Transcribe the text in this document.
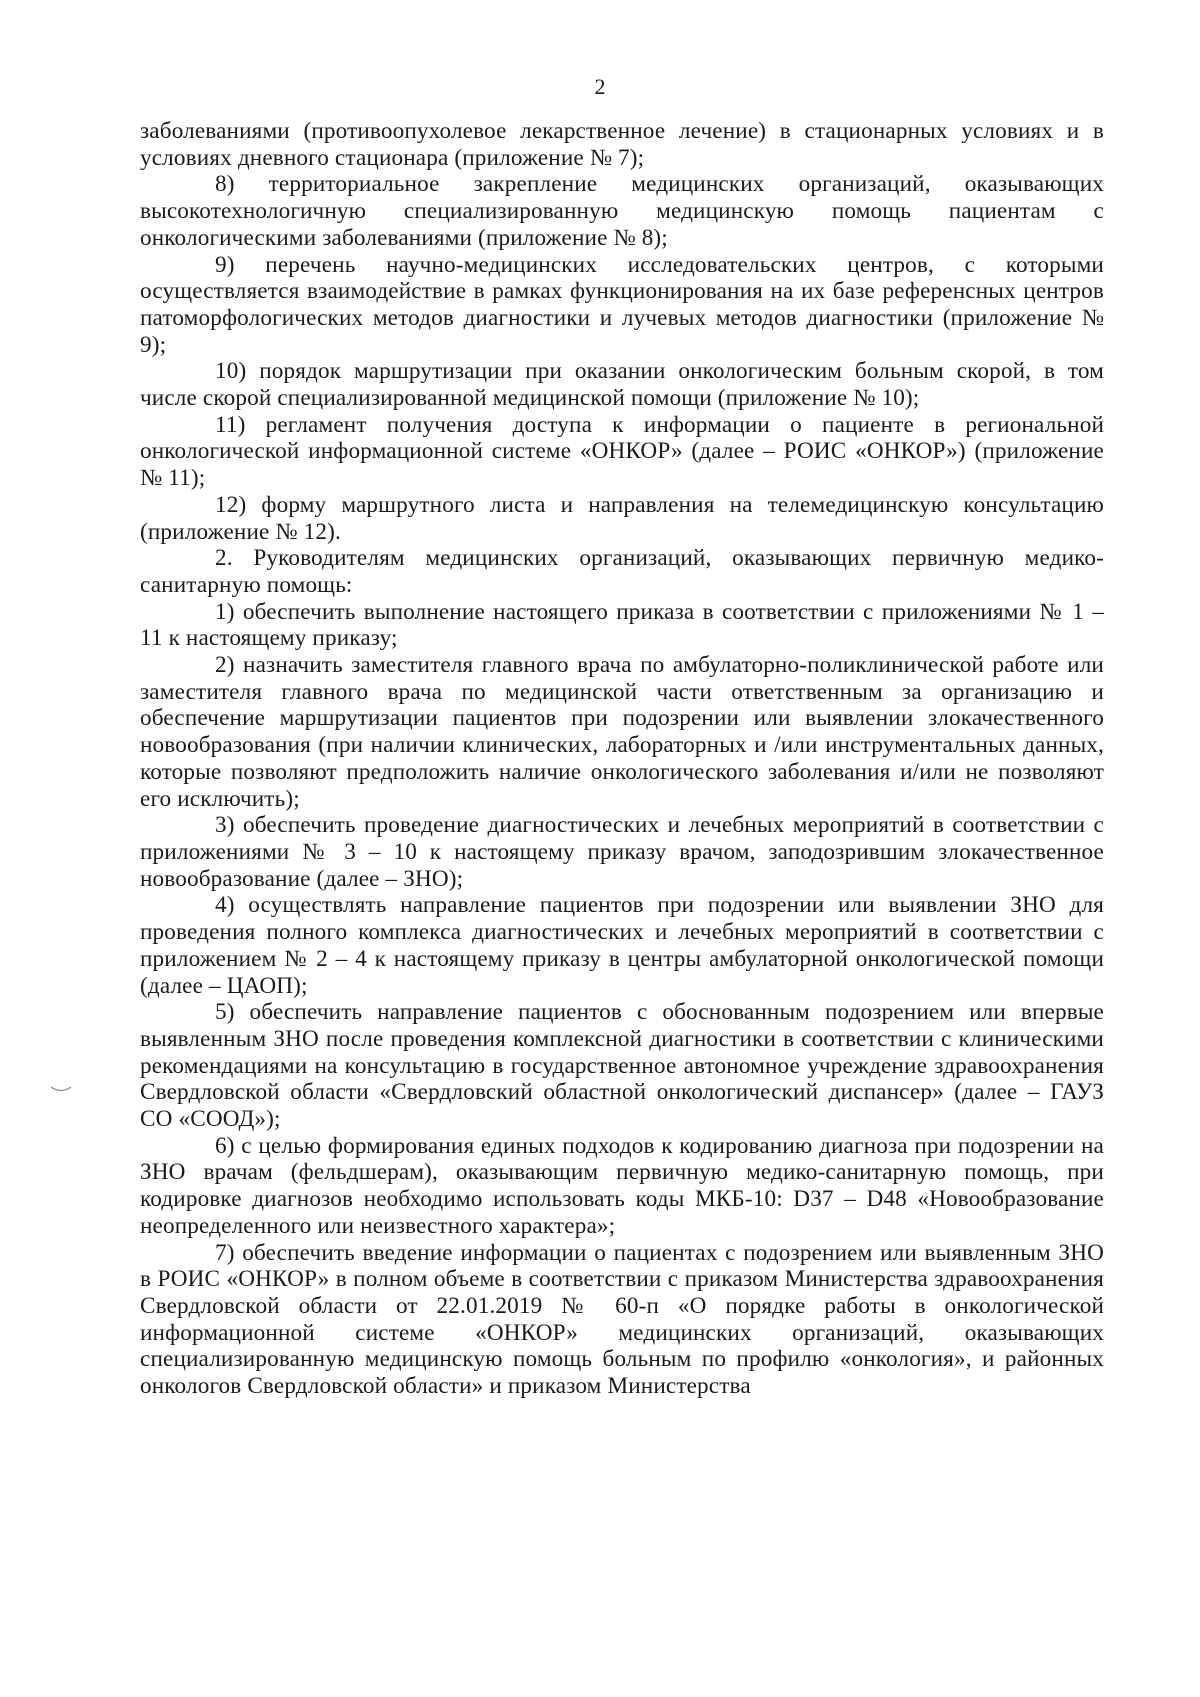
2

заболеваниями (противоопухолевое лекарственное лечение) в стационарных условиях и в условиях дневного стационара (приложение № 7);

8) территориальное закрепление медицинских организаций, оказывающих высокотехнологичную специализированную медицинскую помощь пациентам с онкологическими заболеваниями (приложение № 8);

9) перечень научно-медицинских исследовательских центров, с которыми осуществляется взаимодействие в рамках функционирования на их базе референсных центров патоморфологических методов диагностики и лучевых методов диагностики (приложение № 9);

10) порядок маршрутизации при оказании онкологическим больным скорой, в том числе скорой специализированной медицинской помощи (приложение № 10);

11) регламент получения доступа к информации о пациенте в региональной онкологической информационной системе «ОНКОР» (далее – РОИС «ОНКОР») (приложение № 11);

12) форму маршрутного листа и направления на телемедицинскую консультацию (приложение № 12).

2. Руководителям медицинских организаций, оказывающих первичную медико-санитарную помощь:

1) обеспечить выполнение настоящего приказа в соответствии с приложениями № 1 – 11 к настоящему приказу;

2) назначить заместителя главного врача по амбулаторно-поликлинической работе или заместителя главного врача по медицинской части ответственным за организацию и обеспечение маршрутизации пациентов при подозрении или выявлении злокачественного новообразования (при наличии клинических, лабораторных и /или инструментальных данных, которые позволяют предположить наличие онкологического заболевания и/или не позволяют его исключить);

3) обеспечить проведение диагностических и лечебных мероприятий в соответствии с приложениями № 3 – 10 к настоящему приказу врачом, заподозрившим злокачественное новообразование (далее – ЗНО);

4) осуществлять направление пациентов при подозрении или выявлении ЗНО для проведения полного комплекса диагностических и лечебных мероприятий в соответствии с приложением № 2 – 4 к настоящему приказу в центры амбулаторной онкологической помощи (далее – ЦАОП);

5) обеспечить направление пациентов с обоснованным подозрением или впервые выявленным ЗНО после проведения комплексной диагностики в соответствии с клиническими рекомендациями на консультацию в государственное автономное учреждение здравоохранения Свердловской области «Свердловский областной онкологический диспансер» (далее – ГАУЗ СО «СООД»);

6) с целью формирования единых подходов к кодированию диагноза при подозрении на ЗНО врачам (фельдшерам), оказывающим первичную медико-санитарную помощь, при кодировке диагнозов необходимо использовать коды МКБ-10: D37 – D48 «Новообразование неопределенного или неизвестного характера»;

7) обеспечить введение информации о пациентах с подозрением или выявленным ЗНО в РОИС «ОНКОР» в полном объеме в соответствии с приказом Министерства здравоохранения Свердловской области от 22.01.2019 № 60-п «О порядке работы в онкологической информационной системе «ОНКОР» медицинских организаций, оказывающих специализированную медицинскую помощь больным по профилю «онкология», и районных онкологов Свердловской области» и приказом Министерства
